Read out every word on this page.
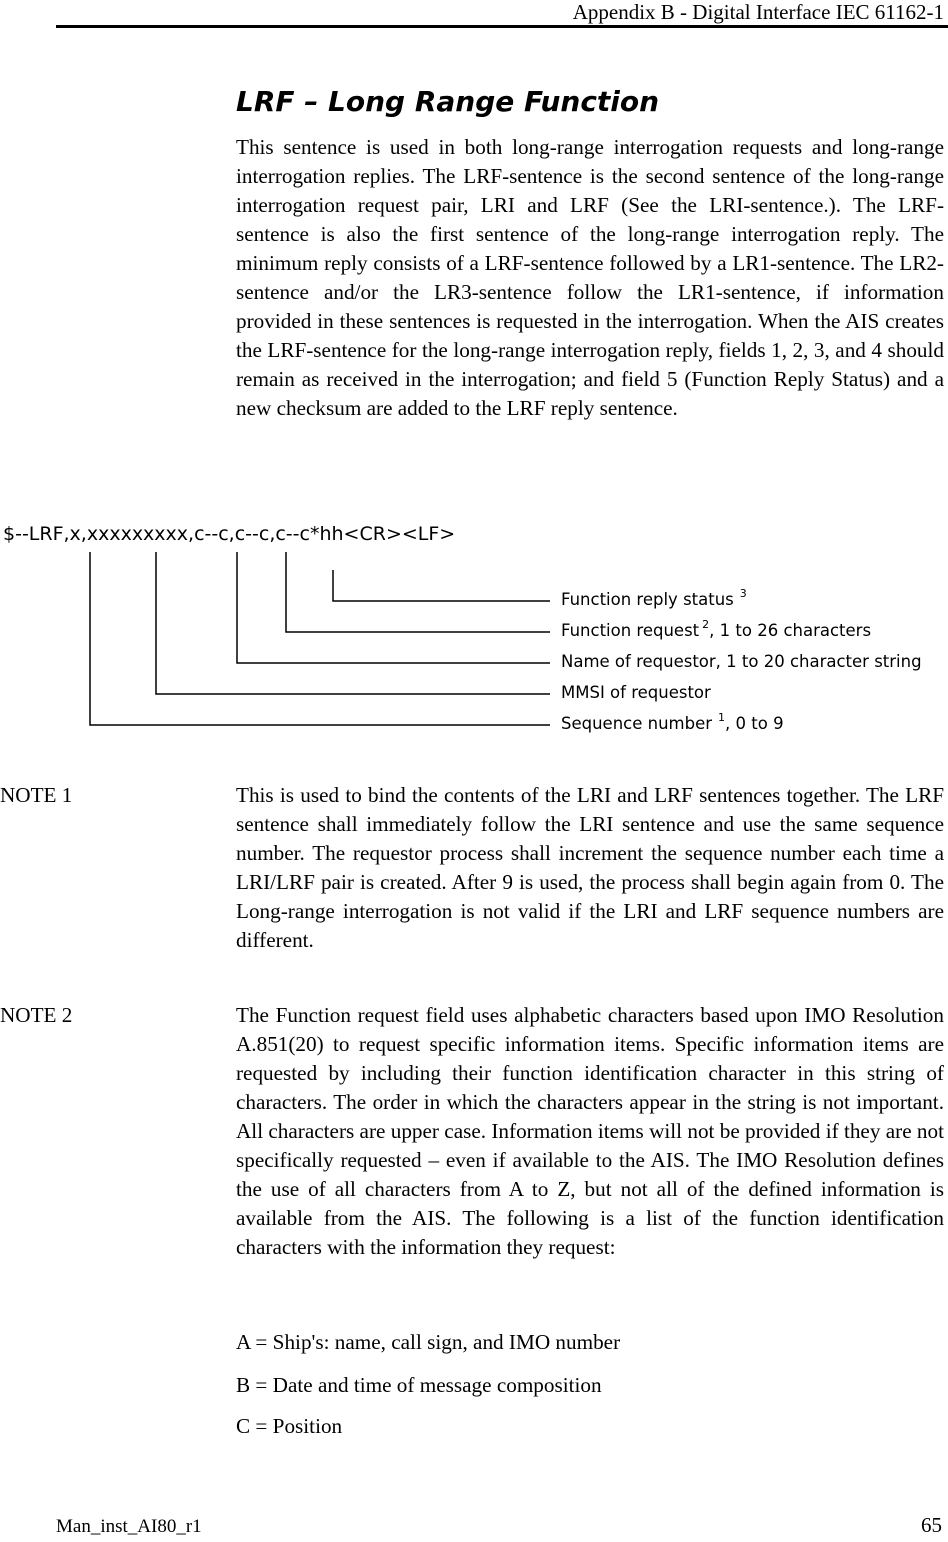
Appendix B - Digital Interface IEC 61162-1
LRF – Long Range Function

This sentence is used in both long-range interrogation requests and long-range interrogation replies. The LRF-sentence is the second sentence of the long-range interrogation request pair, LRI and LRF (See the LRI-sentence.). The LRF-sentence is also the first sentence of the long-range interrogation reply. The minimum reply consists of a LRF-sentence followed by a LR1-sentence. The LR2-sentence and/or the LR3-sentence follow the LR1-sentence, if information provided in these sentences is requested in the interrogation. When the AIS creates the LRF-sentence for the long-range interrogation reply, fields 1, 2, 3, and 4 should remain as received in the interrogation; and field 5 (Function Reply Status) and a new checksum are added to the LRF reply sentence.

$--LRF,x,xxxxxxxxx,c--c,c--c,c--c*hh<CR><LF>
Function reply status $^3$
Function request $^2$, 1 to 26 characters
Name of requestor, 1 to 20 character string
MMSI of requestor
Sequence number $^1$, 0 to 9
NOTE 1	This is used to bind the contents of the LRI and LRF sentences together. The LRF sentence shall immediately follow the LRI sentence and use the same sequence number. The requestor process shall increment the sequence number each time a LRI/LRF pair is created. After 9 is used, the process shall begin again from 0. The Long-range interrogation is not valid if the LRI and LRF sequence numbers are different.

NOTE 2	The Function request field uses alphabetic characters based upon IMO Resolution A.851(20) to request specific information items. Specific information items are requested by including their function identification character in this string of characters. The order in which the characters appear in the string is not important. All characters are upper case. Information items will not be provided if they are not specifically requested – even if available to the AIS. The IMO Resolution defines the use of all characters from A to Z, but not all of the defined information is available from the AIS. The following is a list of the function identification characters with the information they request:

A = Ship's: name, call sign, and IMO number
B = Date and time of message composition
C = Position
Man_inst_AI80_r1	65
